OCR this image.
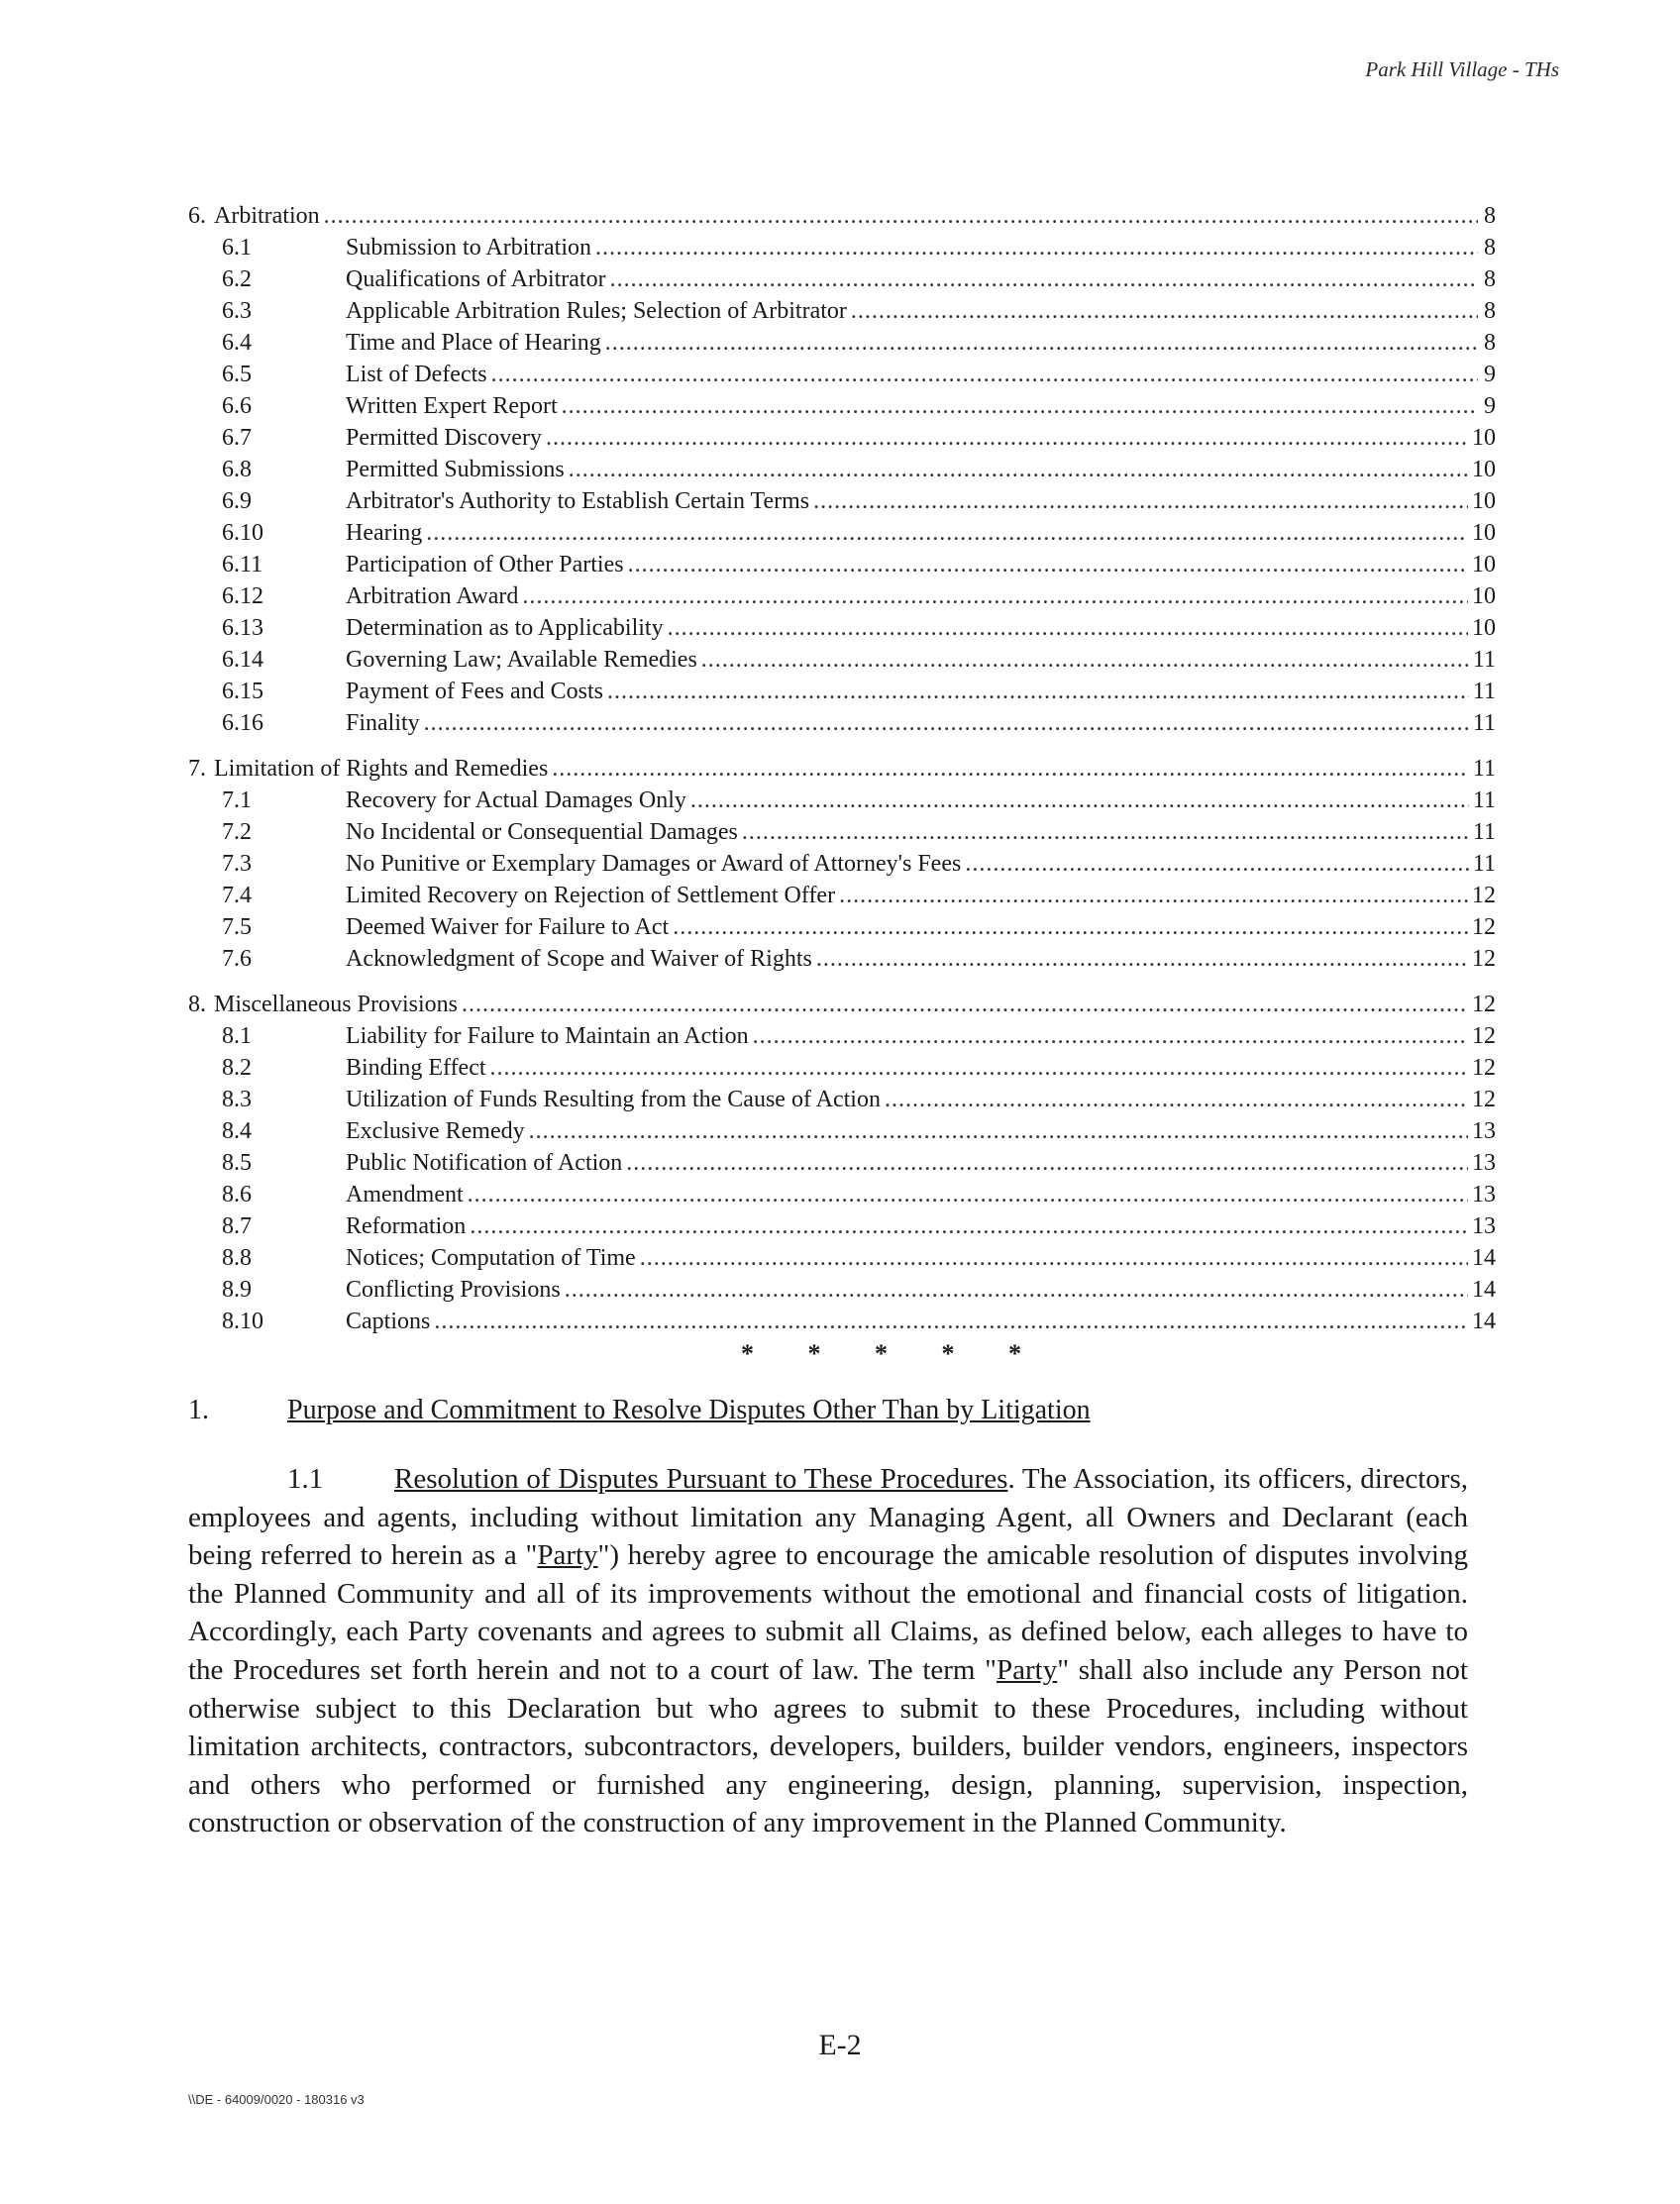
Park Hill Village - THs
6. Arbitration .....	8
6.1	Submission to Arbitration .....	8
6.2	Qualifications of Arbitrator .....	8
6.3	Applicable Arbitration Rules; Selection of Arbitrator .....	8
6.4	Time and Place of Hearing .....	8
6.5	List of Defects .....	9
6.6	Written Expert Report .....	9
6.7	Permitted Discovery .....	10
6.8	Permitted Submissions .....	10
6.9	Arbitrator's Authority to Establish Certain Terms .....	10
6.10	Hearing .....	10
6.11	Participation of Other Parties .....	10
6.12	Arbitration Award .....	10
6.13	Determination as to Applicability .....	10
6.14	Governing Law; Available Remedies .....	11
6.15	Payment of Fees and Costs .....	11
6.16	Finality .....	11
7. Limitation of Rights and Remedies .....	11
7.1	Recovery for Actual Damages Only .....	11
7.2	No Incidental or Consequential Damages .....	11
7.3	No Punitive or Exemplary Damages or Award of Attorney's Fees .....	11
7.4	Limited Recovery on Rejection of Settlement Offer .....	12
7.5	Deemed Waiver for Failure to Act .....	12
7.6	Acknowledgment of Scope and Waiver of Rights .....	12
8. Miscellaneous Provisions .....	12
8.1	Liability for Failure to Maintain an Action .....	12
8.2	Binding Effect .....	12
8.3	Utilization of Funds Resulting from the Cause of Action .....	12
8.4	Exclusive Remedy .....	13
8.5	Public Notification of Action .....	13
8.6	Amendment .....	13
8.7	Reformation .....	13
8.8	Notices; Computation of Time .....	14
8.9	Conflicting Provisions .....	14
8.10	Captions .....	14
* * * * *
1.	Purpose and Commitment to Resolve Disputes Other Than by Litigation
1.1 Resolution of Disputes Pursuant to These Procedures. The Association, its officers, directors, employees and agents, including without limitation any Managing Agent, all Owners and Declarant (each being referred to herein as a "Party") hereby agree to encourage the amicable resolution of disputes involving the Planned Community and all of its improvements without the emotional and financial costs of litigation. Accordingly, each Party covenants and agrees to submit all Claims, as defined below, each alleges to have to the Procedures set forth herein and not to a court of law. The term "Party" shall also include any Person not otherwise subject to this Declaration but who agrees to submit to these Procedures, including without limitation architects, contractors, subcontractors, developers, builders, builder vendors, engineers, inspectors and others who performed or furnished any engineering, design, planning, supervision, inspection, construction or observation of the construction of any improvement in the Planned Community.
E-2
\\DE - 64009/0020 - 180316 v3
